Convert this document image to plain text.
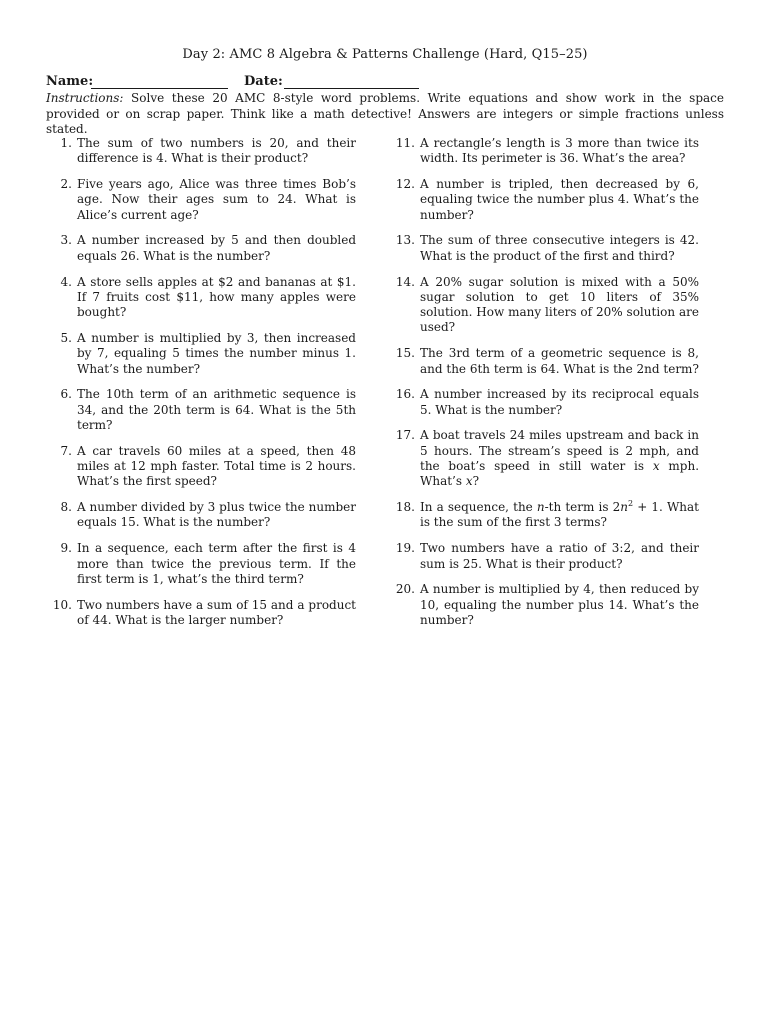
Day 2: AMC 8 Algebra & Patterns Challenge (Hard, Q15–25)
Name:	Date:
Instructions: Solve these 20 AMC 8-style word problems. Write equations and show work in the space provided or on scrap paper. Think like a math detective! Answers are integers or simple fractions unless stated.
1. The sum of two numbers is 20, and their difference is 4. What is their product?
2. Five years ago, Alice was three times Bob’s age. Now their ages sum to 24. What is Alice’s current age?
3. A number increased by 5 and then doubled equals 26. What is the number?
4. A store sells apples at $2 and bananas at $1. If 7 fruits cost $11, how many apples were bought?
5. A number is multiplied by 3, then increased by 7, equaling 5 times the number minus 1. What’s the number?
6. The 10th term of an arithmetic sequence is 34, and the 20th term is 64. What is the 5th term?
7. A car travels 60 miles at a speed, then 48 miles at 12 mph faster. Total time is 2 hours. What’s the first speed?
8. A number divided by 3 plus twice the number equals 15. What is the number?
9. In a sequence, each term after the first is 4 more than twice the previous term. If the first term is 1, what’s the third term?
10. Two numbers have a sum of 15 and a product of 44. What is the larger number?
11. A rectangle’s length is 3 more than twice its width. Its perimeter is 36. What’s the area?
12. A number is tripled, then decreased by 6, equaling twice the number plus 4. What’s the number?
13. The sum of three consecutive integers is 42. What is the product of the first and third?
14. A 20% sugar solution is mixed with a 50% sugar solution to get 10 liters of 35% solution. How many liters of 20% solution are used?
15. The 3rd term of a geometric sequence is 8, and the 6th term is 64. What is the 2nd term?
16. A number increased by its reciprocal equals 5. What is the number?
17. A boat travels 24 miles upstream and back in 5 hours. The stream’s speed is 2 mph, and the boat’s speed in still water is x mph. What’s x?
18. In a sequence, the n-th term is $2n^2 + 1$. What is the sum of the first 3 terms?
19. Two numbers have a ratio of 3:2, and their sum is 25. What is their product?
20. A number is multiplied by 4, then reduced by 10, equaling the number plus 14. What’s the number?
